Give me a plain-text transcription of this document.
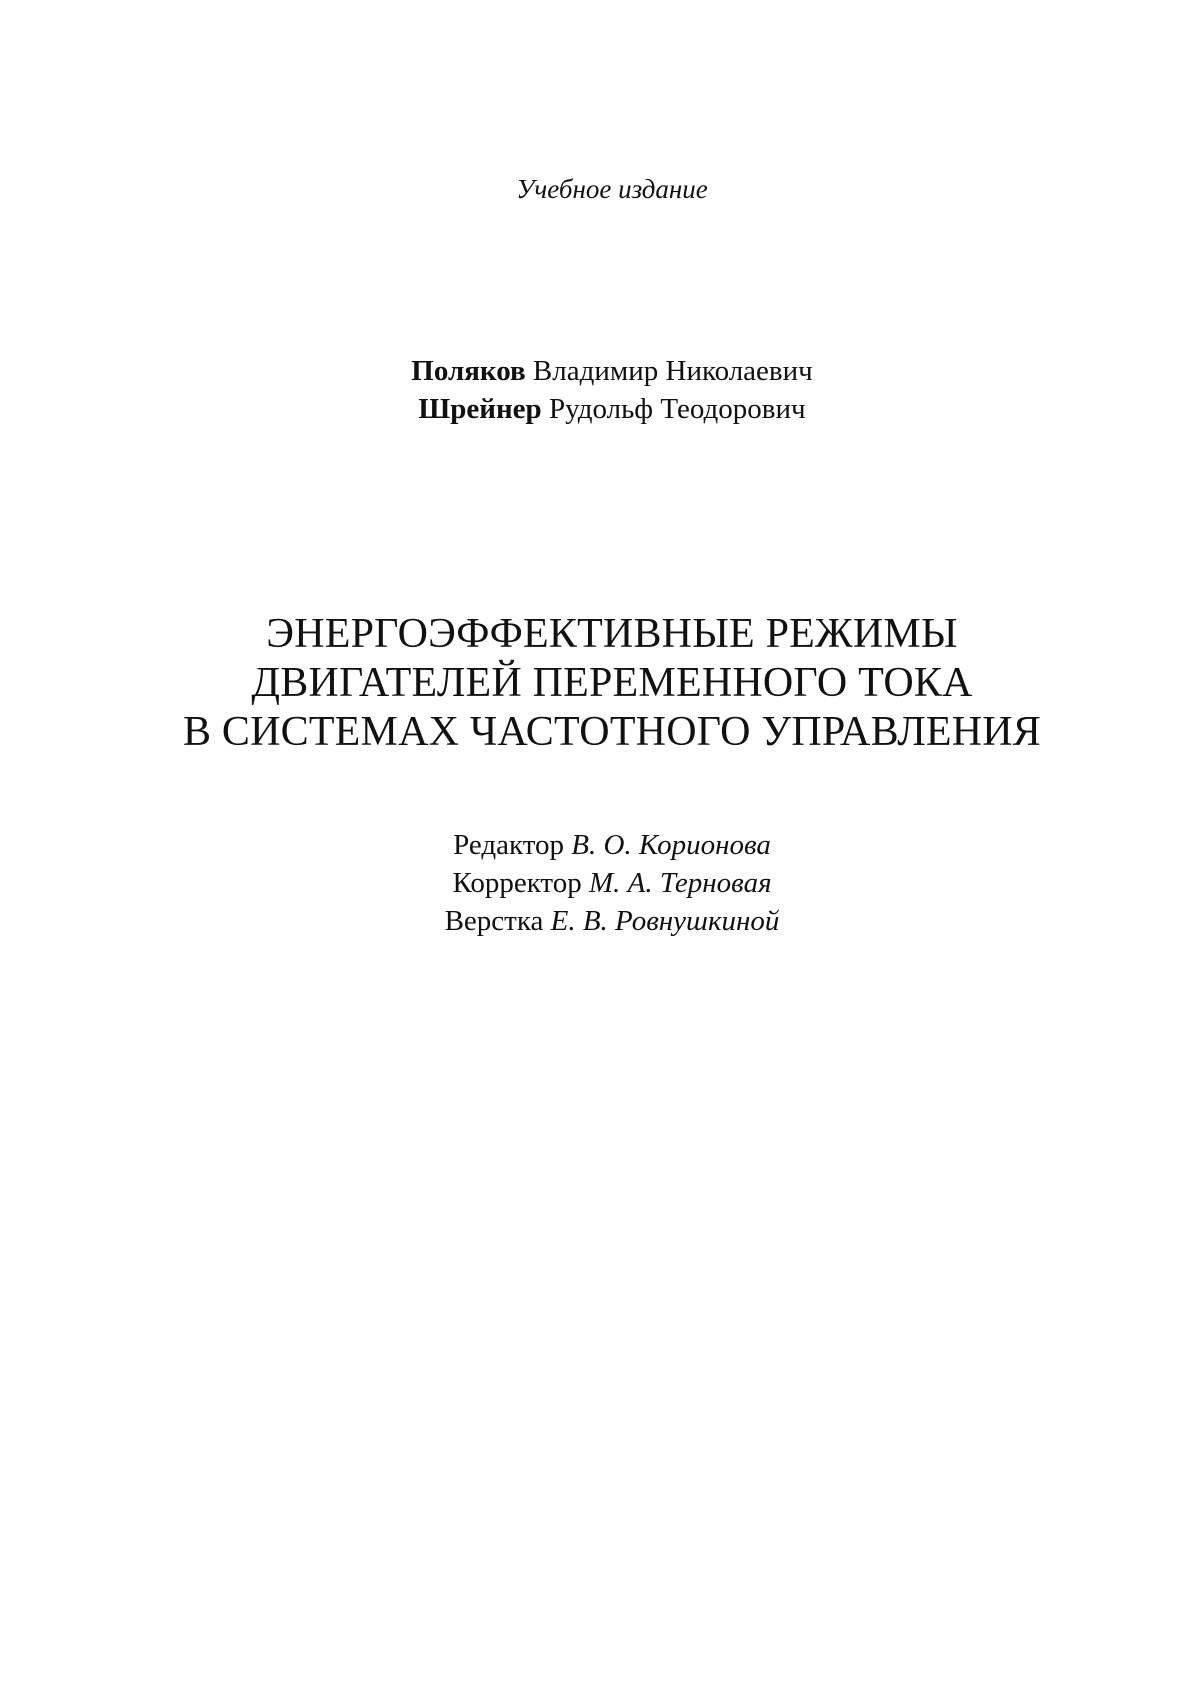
Учебное издание
Поляков Владимир Николаевич
Шрейнер Рудольф Теодорович
ЭНЕРГОЭФФЕКТИВНЫЕ РЕЖИМЫ
ДВИГАТЕЛЕЙ ПЕРЕМЕННОГО ТОКА
В СИСТЕМАХ ЧАСТОТНОГО УПРАВЛЕНИЯ
Редактор В. О. Корионова
Корректор М. А. Терновая
Верстка Е. В. Ровнушкиной
